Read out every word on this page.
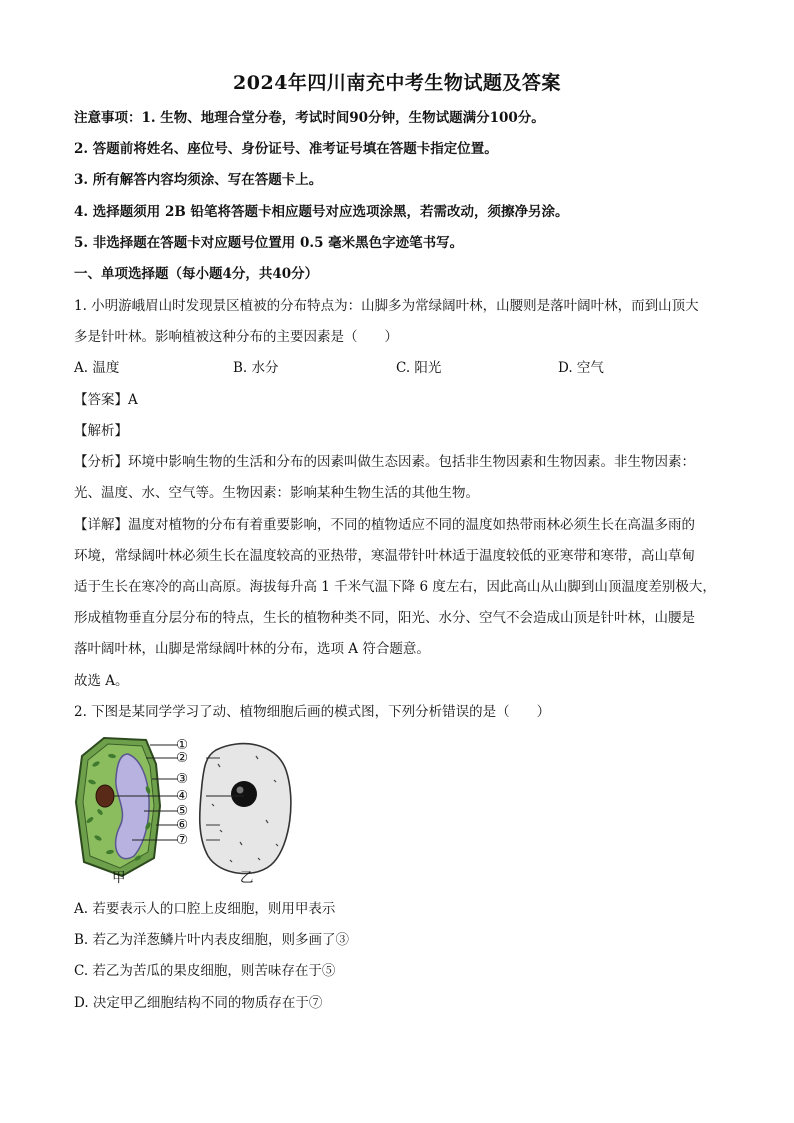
2024年四川南充中考生物试题及答案
注意事项：1. 生物、地理合堂分卷，考试时间90分钟，生物试题满分100分。
2. 答题前将姓名、座位号、身份证号、准考证号填在答题卡指定位置。
3. 所有解答内容均须涂、写在答题卡上。
4. 选择题须用 2B 铅笔将答题卡相应题号对应选项涂黑，若需改动，须擦净另涂。
5. 非选择题在答题卡对应题号位置用 0.5 毫米黑色字迹笔书写。
一、单项选择题（每小题4分，共40分）
1. 小明游峨眉山时发现景区植被的分布特点为：山脚多为常绿阔叶林，山腰则是落叶阔叶林，而到山顶大
多是针叶林。影响植被这种分布的主要因素是（　　）
A. 温度	B. 水分	C. 阳光	D. 空气
【答案】A
【解析】
【分析】环境中影响生物的生活和分布的因素叫做生态因素。包括非生物因素和生物因素。非生物因素：
光、温度、水、空气等。生物因素：影响某种生物生活的其他生物。
【详解】温度对植物的分布有着重要影响，不同的植物适应不同的温度如热带雨林必须生长在高温多雨的
环境，常绿阔叶林必须生长在温度较高的亚热带，寒温带针叶林适于温度较低的亚寒带和寒带，高山草甸
适于生长在寒冷的高山高原。海拔每升高 1 千米气温下降 6 度左右，因此高山从山脚到山顶温度差别极大，
形成植物垂直分层分布的特点，生长的植物种类不同，阳光、水分、空气不会造成山顶是针叶林，山腰是
落叶阔叶林，山脚是常绿阔叶林的分布，选项 A 符合题意。
故选 A。
2. 下图是某同学学习了动、植物细胞后画的模式图，下列分析错误的是（　　）
①
②
③
④
⑤
⑥
⑦
甲	乙
A. 若要表示人的口腔上皮细胞，则用甲表示
B. 若乙为洋葱鳞片叶内表皮细胞，则多画了③
C. 若乙为苦瓜的果皮细胞，则苦味存在于⑤
D. 决定甲乙细胞结构不同的物质存在于⑦
